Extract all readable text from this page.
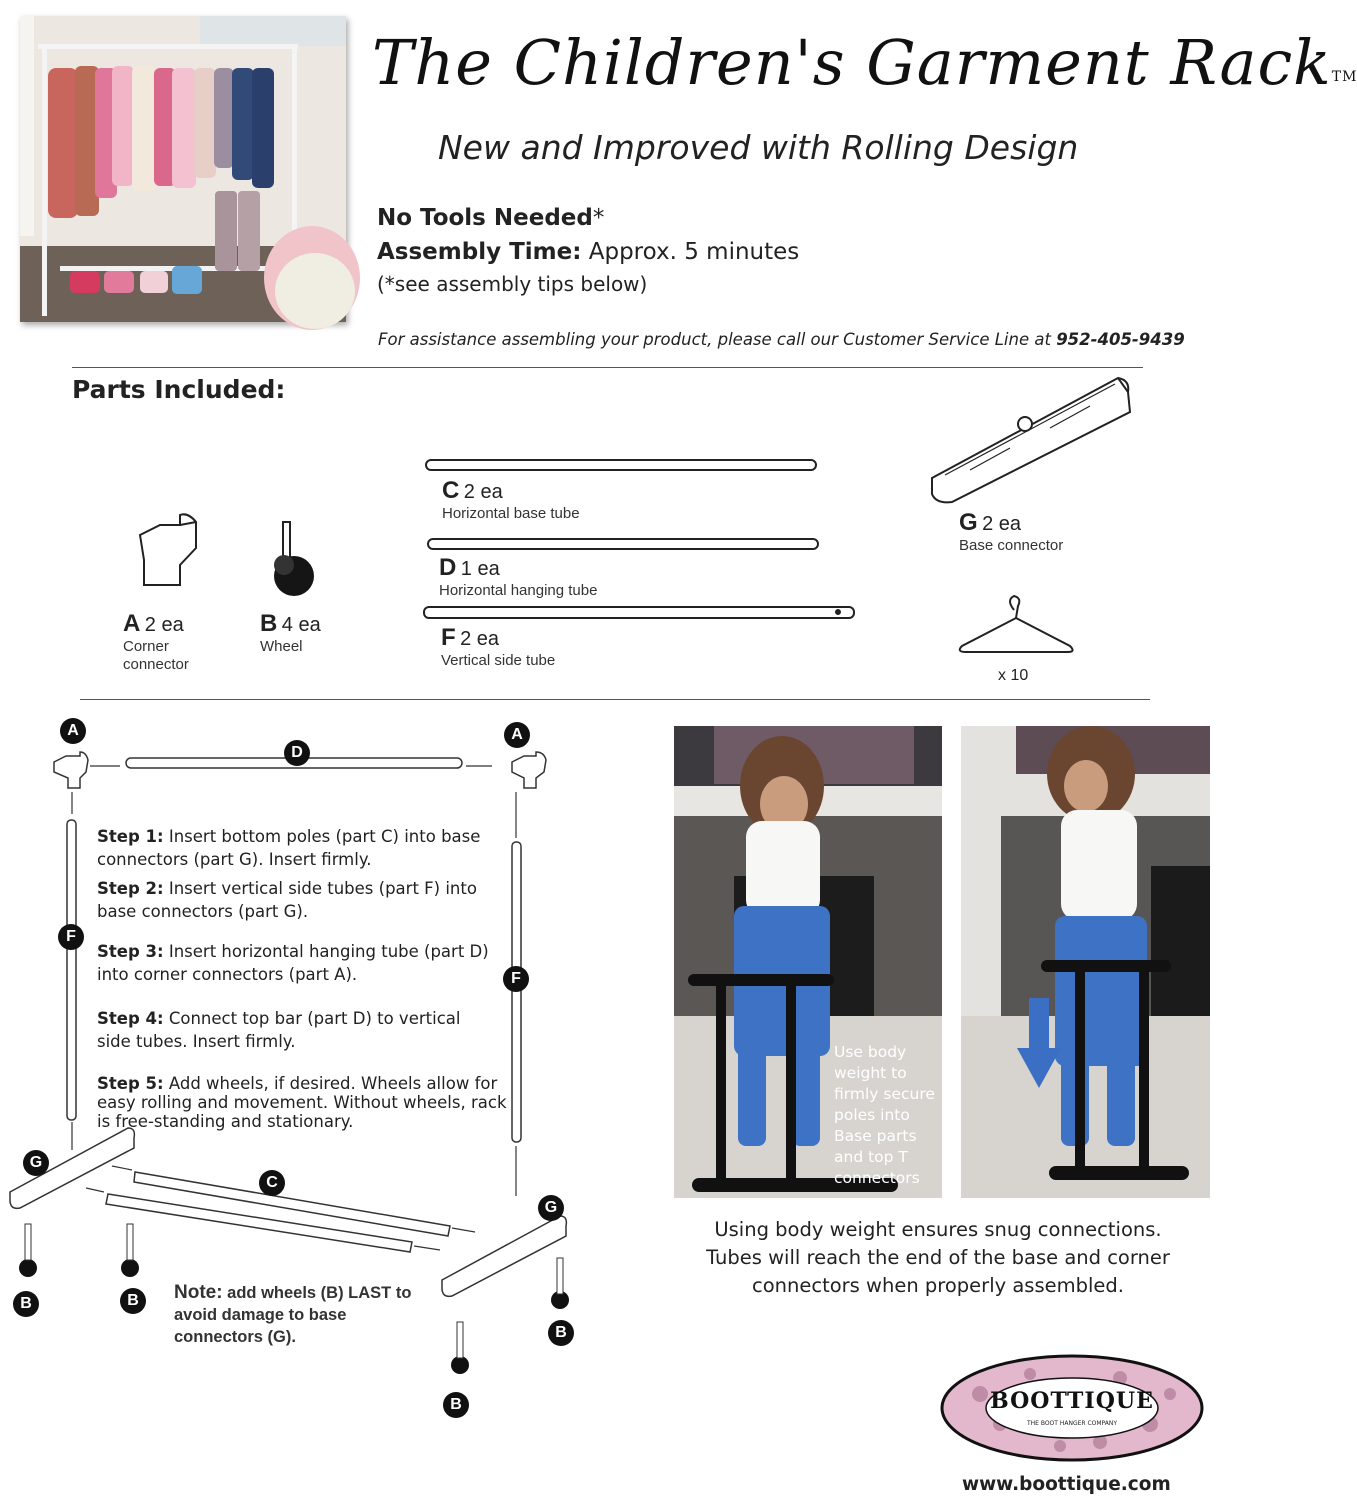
The Children's Garment Rack™
New and Improved with Rolling Design
No Tools Needed*
Assembly Time: Approx. 5 minutes
(*see assembly tips below)
For assistance assembling your product, please call our Customer Service Line at 952-405-9439
Parts Included:
A 2 ea
Corner
connector
B 4 ea
Wheel
C 2 ea
Horizontal base tube
D 1 ea
Horizontal hanging tube
F 2 ea
Vertical side tube
G 2 ea
Base connector
x 10
A	A
D
F
F
G
G
C
B	B
B
B
Step 1: Insert bottom poles (part C) into base connectors (part G). Insert firmly.
Step 2: Insert vertical side tubes (part F) into base connectors (part G).
Step 3: Insert horizontal hanging tube (part D) into corner connectors (part A).
Step 4: Connect top bar (part D) to vertical side tubes. Insert firmly.
Step 5: Add wheels, if desired. Wheels allow for easy rolling and movement. Without wheels, rack is free-standing and stationary.
Note: add wheels (B) LAST to avoid damage to base connectors (G).
Use body weight to firmly secure poles into Base parts and top T connectors
Using body weight ensures snug connections. Tubes will reach the end of the base and corner connectors when properly assembled.
BOOTTIQUE
THE BOOT HANGER COMPANY
www.boottique.com
